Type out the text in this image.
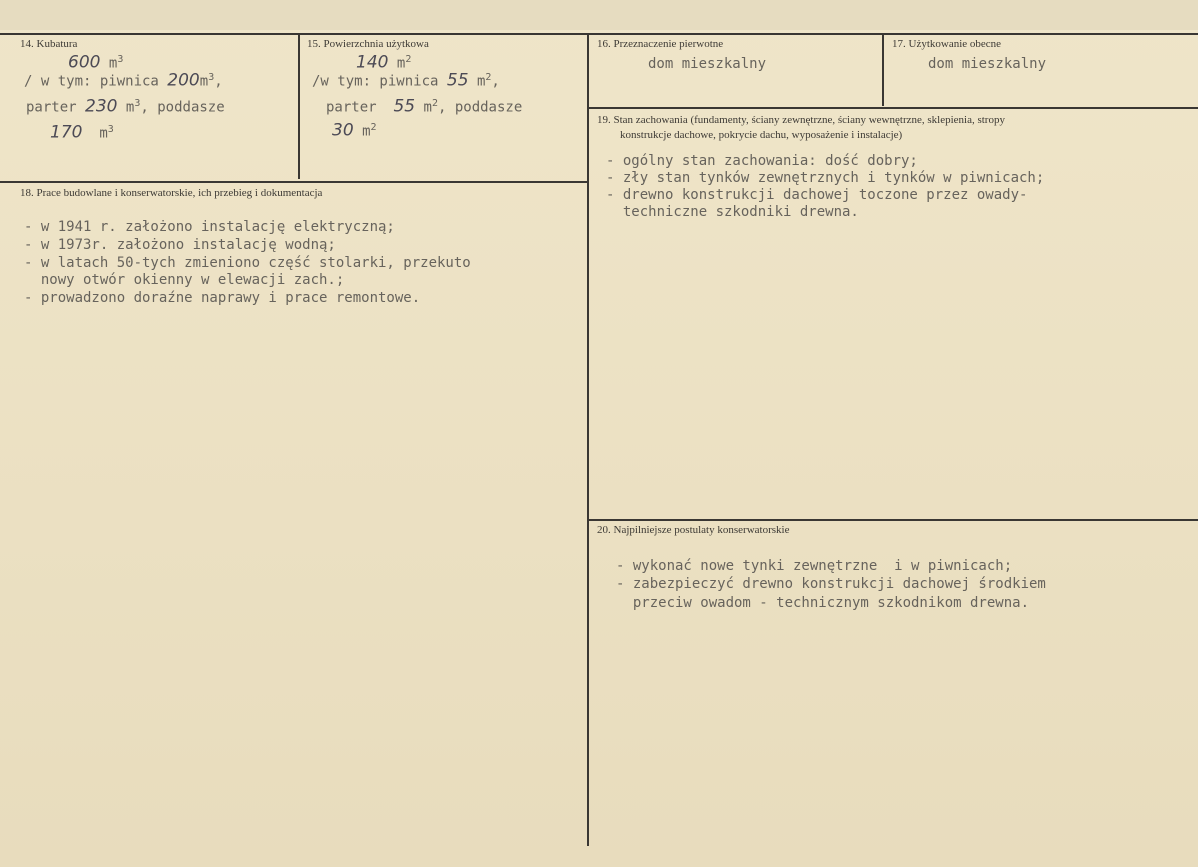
14. Kubatura
600 $m^3$
/ w tym: piwnica $200m^3$,
parter 230 $m^3$, poddasze
170 $m^3$
15. Powierzchnia użytkowa
140 $m^2$
/w tym: piwnica 55 $m^2$,
parter 55 $m^2$, poddasze
30 $m^2$
16. Przeznaczenie pierwotne
dom mieszkalny
17. Użytkowanie obecne
dom mieszkalny
18. Prace budowlane i konserwatorskie, ich przebieg i dokumentacja
- w 1941 r. założono instalację elektryczną;
- w 1973r. założono instalację wodną;
- w latach 50-tych zmieniono część stolarki, przekuto
nowy otwór okienny w elewacji zach.;
- prowadzono doraźne naprawy i prace remontowe.
19. Stan zachowania (fundamenty, ściany zewnętrzne, ściany wewnętrzne, sklepienia, stropy
konstrukcje dachowe, pokrycie dachu, wyposażenie i instalacje)
- ogólny stan zachowania: dość dobry;
- zły stan tynków zewnętrznych i tynków w piwnicach;
- drewno konstrukcji dachowej toczone przez owady-
techniczne szkodniki drewna.
20. Najpilniejsze postulaty konserwatorskie
- wykonać nowe tynki zewnętrzne  i w piwnicach;
- zabezpieczyć drewno konstrukcji dachowej środkiem
przeciw owadom - technicznym szkodnikom drewna.
